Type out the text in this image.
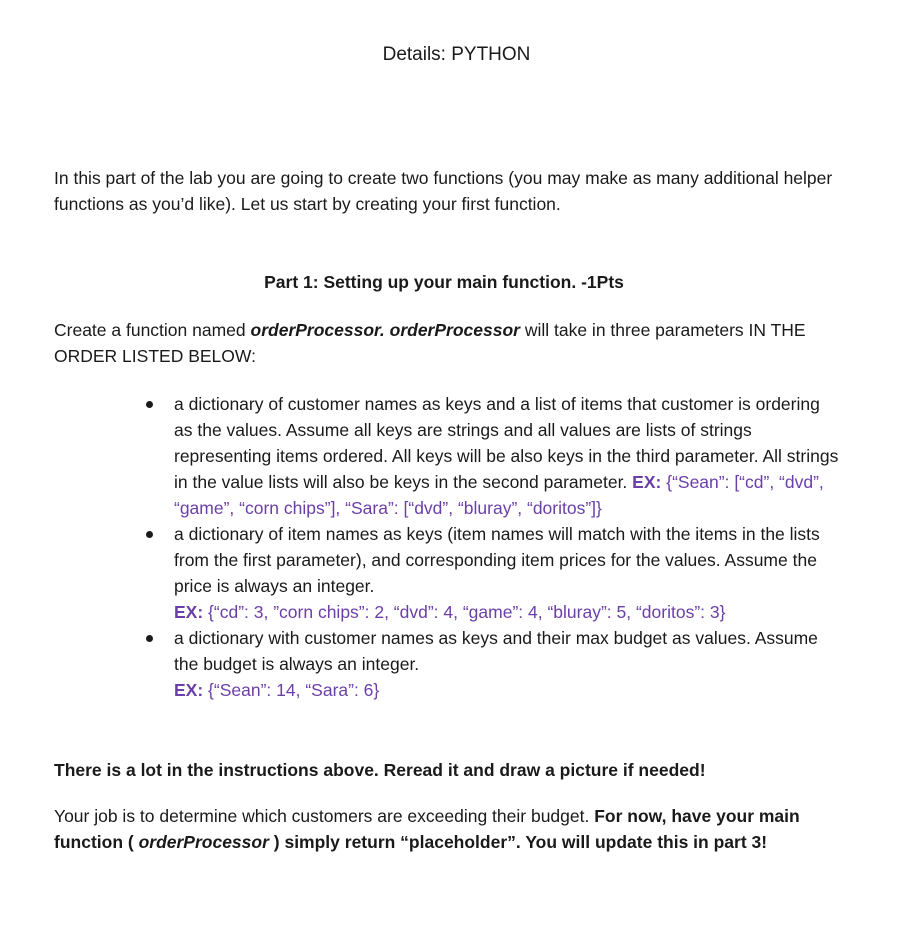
Details: PYTHON
In this part of the lab you are going to create two functions (you may make as many additional helper functions as you’d like). Let us start by creating your first function.
Part 1: Setting up your main function. -1Pts
Create a function named orderProcessor. orderProcessor will take in three parameters IN THE ORDER LISTED BELOW:
a dictionary of customer names as keys and a list of items that customer is ordering as the values. Assume all keys are strings and all values are lists of strings representing items ordered. All keys will be also keys in the third parameter. All strings in the value lists will also be keys in the second parameter. EX: {“Sean”: [“cd”, “dvd”, “game”, “corn chips”], “Sara”: [“dvd”, “bluray”, “doritos”]}
a dictionary of item names as keys (item names will match with the items in the lists from the first parameter), and corresponding item prices for the values. Assume the price is always an integer.
EX: {“cd”: 3, ”corn chips”: 2, “dvd”: 4, “game”: 4, “bluray”: 5, “doritos”: 3}
a dictionary with customer names as keys and their max budget as values. Assume the budget is always an integer.
EX: {“Sean”: 14, “Sara”: 6}
There is a lot in the instructions above. Reread it and draw a picture if needed!
Your job is to determine which customers are exceeding their budget. For now, have your main function ( orderProcessor ) simply return “placeholder”. You will update this in part 3!
